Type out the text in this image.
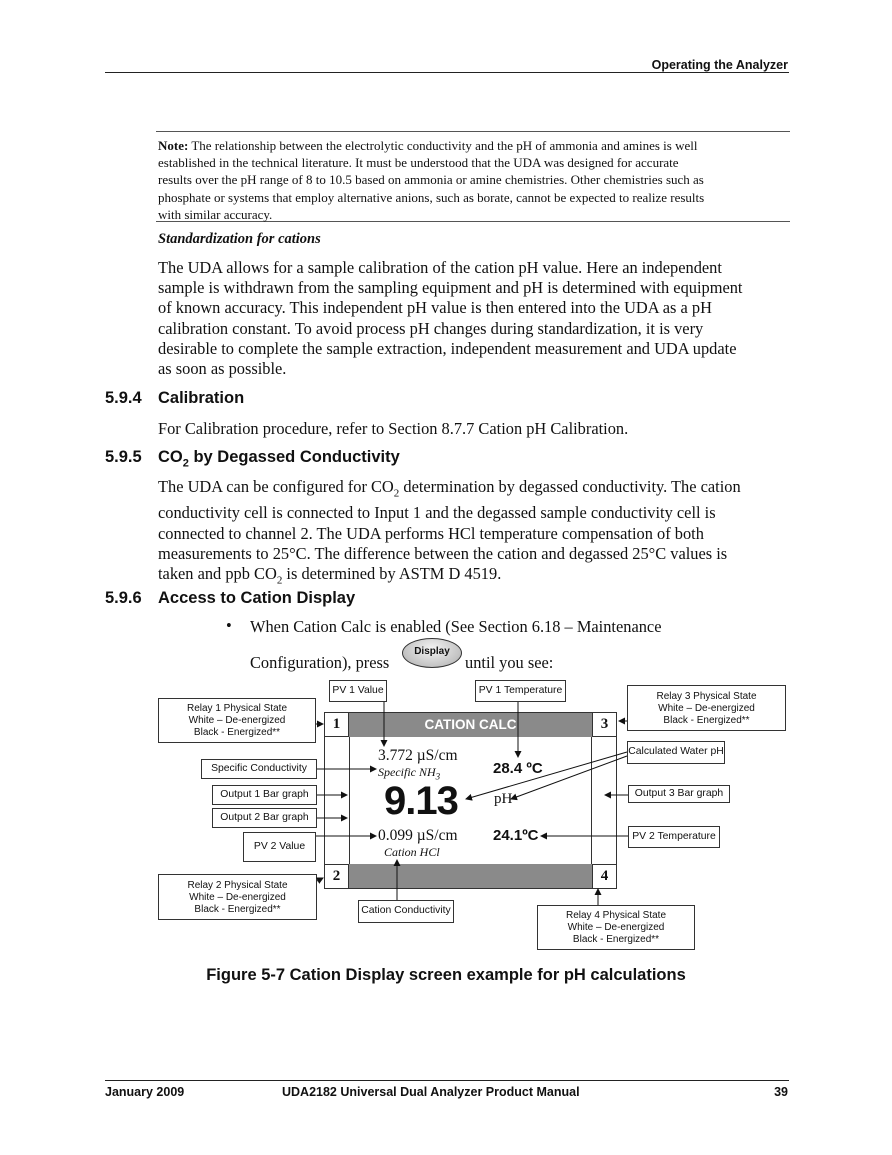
Operating the Analyzer
Note: The relationship between the electrolytic conductivity and the pH of ammonia and amines is well
established in the technical literature. It must be understood that the UDA was designed for accurate
results over the pH range of 8 to 10.5 based on ammonia or amine chemistries. Other chemistries such as
phosphate or systems that employ alternative anions, such as borate, cannot be expected to realize results
with similar accuracy.
Standardization for cations
The UDA allows for a sample calibration of the cation pH value. Here an independent
sample is withdrawn from the sampling equipment and pH is determined with equipment
of known accuracy. This independent pH value is then entered into the UDA as a pH
calibration constant. To avoid process pH changes during standardization, it is very
desirable to complete the sample extraction, independent measurement and UDA update
as soon as possible.
5.9.4 Calibration
For Calibration procedure, refer to Section 8.7.7 Cation pH Calibration.
5.9.5 $CO_2$ by Degassed Conductivity
The UDA can be configured for $CO_2$ determination by degassed conductivity. The cation
conductivity cell is connected to Input 1 and the degassed sample conductivity cell is
connected to channel 2. The UDA performs HCl temperature compensation of both
measurements to 25°C. The difference between the cation and degassed 25°C values is
taken and ppb $CO_2$ is determined by ASTM D 4519.
5.9.6 Access to Cation Display
• When Cation Calc is enabled (See Section 6.18 – Maintenance
Configuration), press
Display
until you see:
CATION CALC
1	3
2	4
3.772 µS/cm
Specific $NH_3$	28.4 ºC
9.13 pH
0.099 µS/cm
Cation HCl
24.1ºC
PV 1 Value	PV 1 Temperature
Relay 1 Physical State
White – De-energized
Black - Energized**
Relay 3 Physical State
White – De-energized
Black - Energized**
Specific Conductivity
Output 1 Bar graph
Output 2 Bar graph
PV 2 Value
Calculated Water pH
Output 3 Bar graph
PV 2 Temperature
Relay 2 Physical State
White – De-energized
Black - Energized**	Cation Conductivity	Relay 4 Physical State
White – De-energized
Black - Energized**
Figure 5-7 Cation Display screen example for pH calculations
January 2009	UDA2182 Universal Dual Analyzer Product Manual	39
